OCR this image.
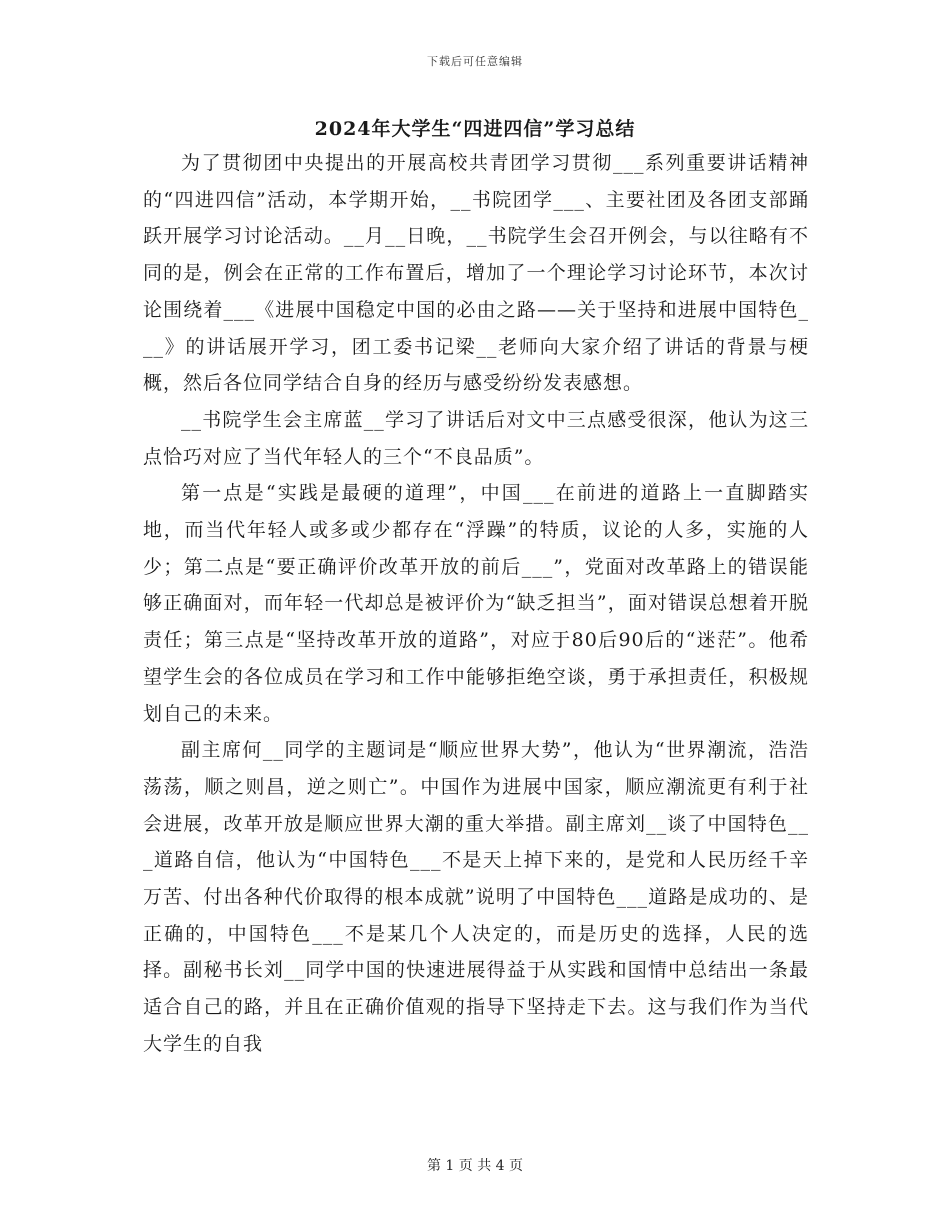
下载后可任意编辑
2024年大学生“四进四信”学习总结

为了贯彻团中央提出的开展高校共青团学习贯彻___系列重要讲话精神的“四进四信”活动，本学期开始，__书院团学___、主要社团及各团支部踊跃开展学习讨论活动。__月__日晚，__书院学生会召开例会，与以往略有不同的是，例会在正常的工作布置后，增加了一个理论学习讨论环节，本次讨论围绕着___《进展中国稳定中国的必由之路——关于坚持和进展中国特色___》的讲话展开学习，团工委书记梁__老师向大家介绍了讲话的背景与梗概，然后各位同学结合自身的经历与感受纷纷发表感想。

__书院学生会主席蓝__学习了讲话后对文中三点感受很深，他认为这三点恰巧对应了当代年轻人的三个“不良品质”。

第一点是“实践是最硬的道理”，中国___在前进的道路上一直脚踏实地，而当代年轻人或多或少都存在“浮躁”的特质，议论的人多，实施的人少；第二点是“要正确评价改革开放的前后___”，党面对改革路上的错误能够正确面对，而年轻一代却总是被评价为“缺乏担当”，面对错误总想着开脱责任；第三点是“坚持改革开放的道路”，对应于80后90后的“迷茫”。他希望学生会的各位成员在学习和工作中能够拒绝空谈，勇于承担责任，积极规划自己的未来。

副主席何__同学的主题词是“顺应世界大势”，他认为“世界潮流，浩浩荡荡，顺之则昌，逆之则亡”。中国作为进展中国家，顺应潮流更有利于社会进展，改革开放是顺应世界大潮的重大举措。副主席刘__谈了中国特色___道路自信，他认为“中国特色___不是天上掉下来的，是党和人民历经千辛万苦、付出各种代价取得的根本成就”说明了中国特色___道路是成功的、是正确的，中国特色___不是某几个人决定的，而是历史的选择，人民的选择。副秘书长刘__同学中国的快速进展得益于从实践和国情中总结出一条最适合自己的路，并且在正确价值观的指导下坚持走下去。这与我们作为当代大学生的自我

第 1 页 共 4 页
